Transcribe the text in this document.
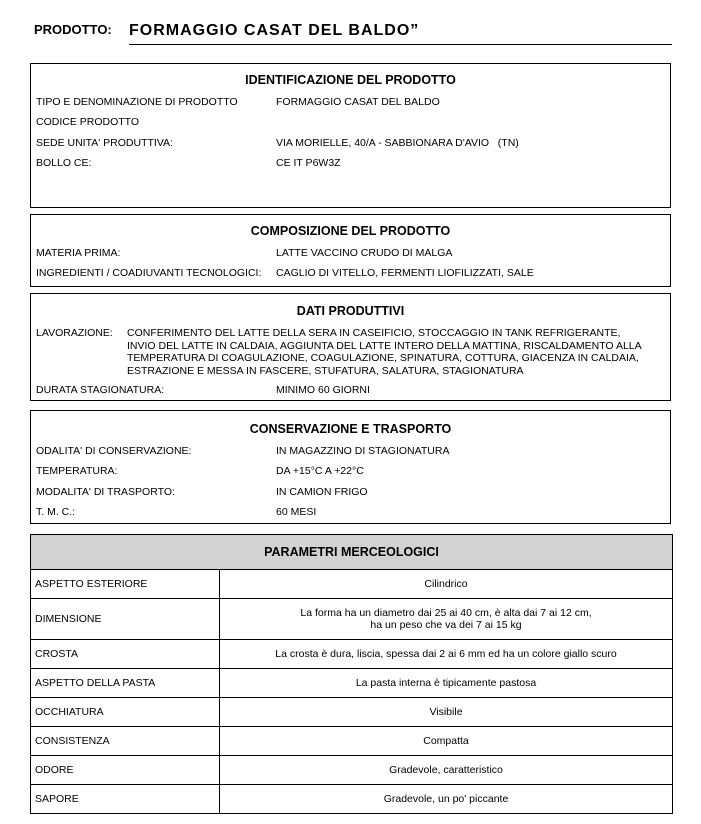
PRODOTTO: FORMAGGIO CASAT DEL BALDO”
IDENTIFICAZIONE DEL PRODOTTO
TIPO E DENOMINAZIONE DI PRODOTTO	FORMAGGIO CASAT DEL BALDO
CODICE PRODOTTO
SEDE UNITA' PRODUTTIVA:	VIA MORIELLE, 40/A - SABBIONARA D'AVIO   (TN)
BOLLO CE:	CE IT P6W3Z
COMPOSIZIONE DEL PRODOTTO
MATERIA PRIMA:	LATTE VACCINO CRUDO DI MALGA
INGREDIENTI / COADIUVANTI TECNOLOGICI: CAGLIO DI VITELLO, FERMENTI LIOFILIZZATI, SALE
DATI PRODUTTIVI
LAVORAZIONE: CONFERIMENTO DEL LATTE DELLA SERA IN CASEIFICIO, STOCCAGGIO IN TANK REFRIGERANTE,
INVIO DEL LATTE IN CALDAIA, AGGIUNTA DEL LATTE INTERO DELLA MATTINA, RISCALDAMENTO ALLA
TEMPERATURA DI COAGULAZIONE, COAGULAZIONE, SPINATURA, COTTURA, GIACENZA IN CALDAIA,
ESTRAZIONE E MESSA IN FASCERE, STUFATURA, SALATURA, STAGIONATURA
DURATA STAGIONATURA:	MINIMO 60 GIORNI
CONSERVAZIONE E TRASPORTO
ODALITA' DI CONSERVAZIONE:	IN MAGAZZINO DI STAGIONATURA
TEMPERATURA:	DA +15°C A +22°C
MODALITA' DI TRASPORTO:	IN CAMION FRIGO
T. M. C.:	60 MESI
PARAMETRI MERCEOLOGICI	
ASPETTO ESTERIORE	Cilindrico
DIMENSIONE	La forma ha un diametro dai 25 ai 40 cm, è alta dai 7 ai 12 cm,
ha un peso che va dei 7 ai 15 kg

CROSTA	La crosta è dura, liscia, spessa dai 2 ai 6 mm ed ha un colore giallo scuro
ASPETTO DELLA PASTA	La pasta interna è tipicamente pastosa
OCCHIATURA	Visibile
CONSISTENZA	Compatta
ODORE	Gradevole, caratteristico
SAPORE	Gradevole, un po' piccante
